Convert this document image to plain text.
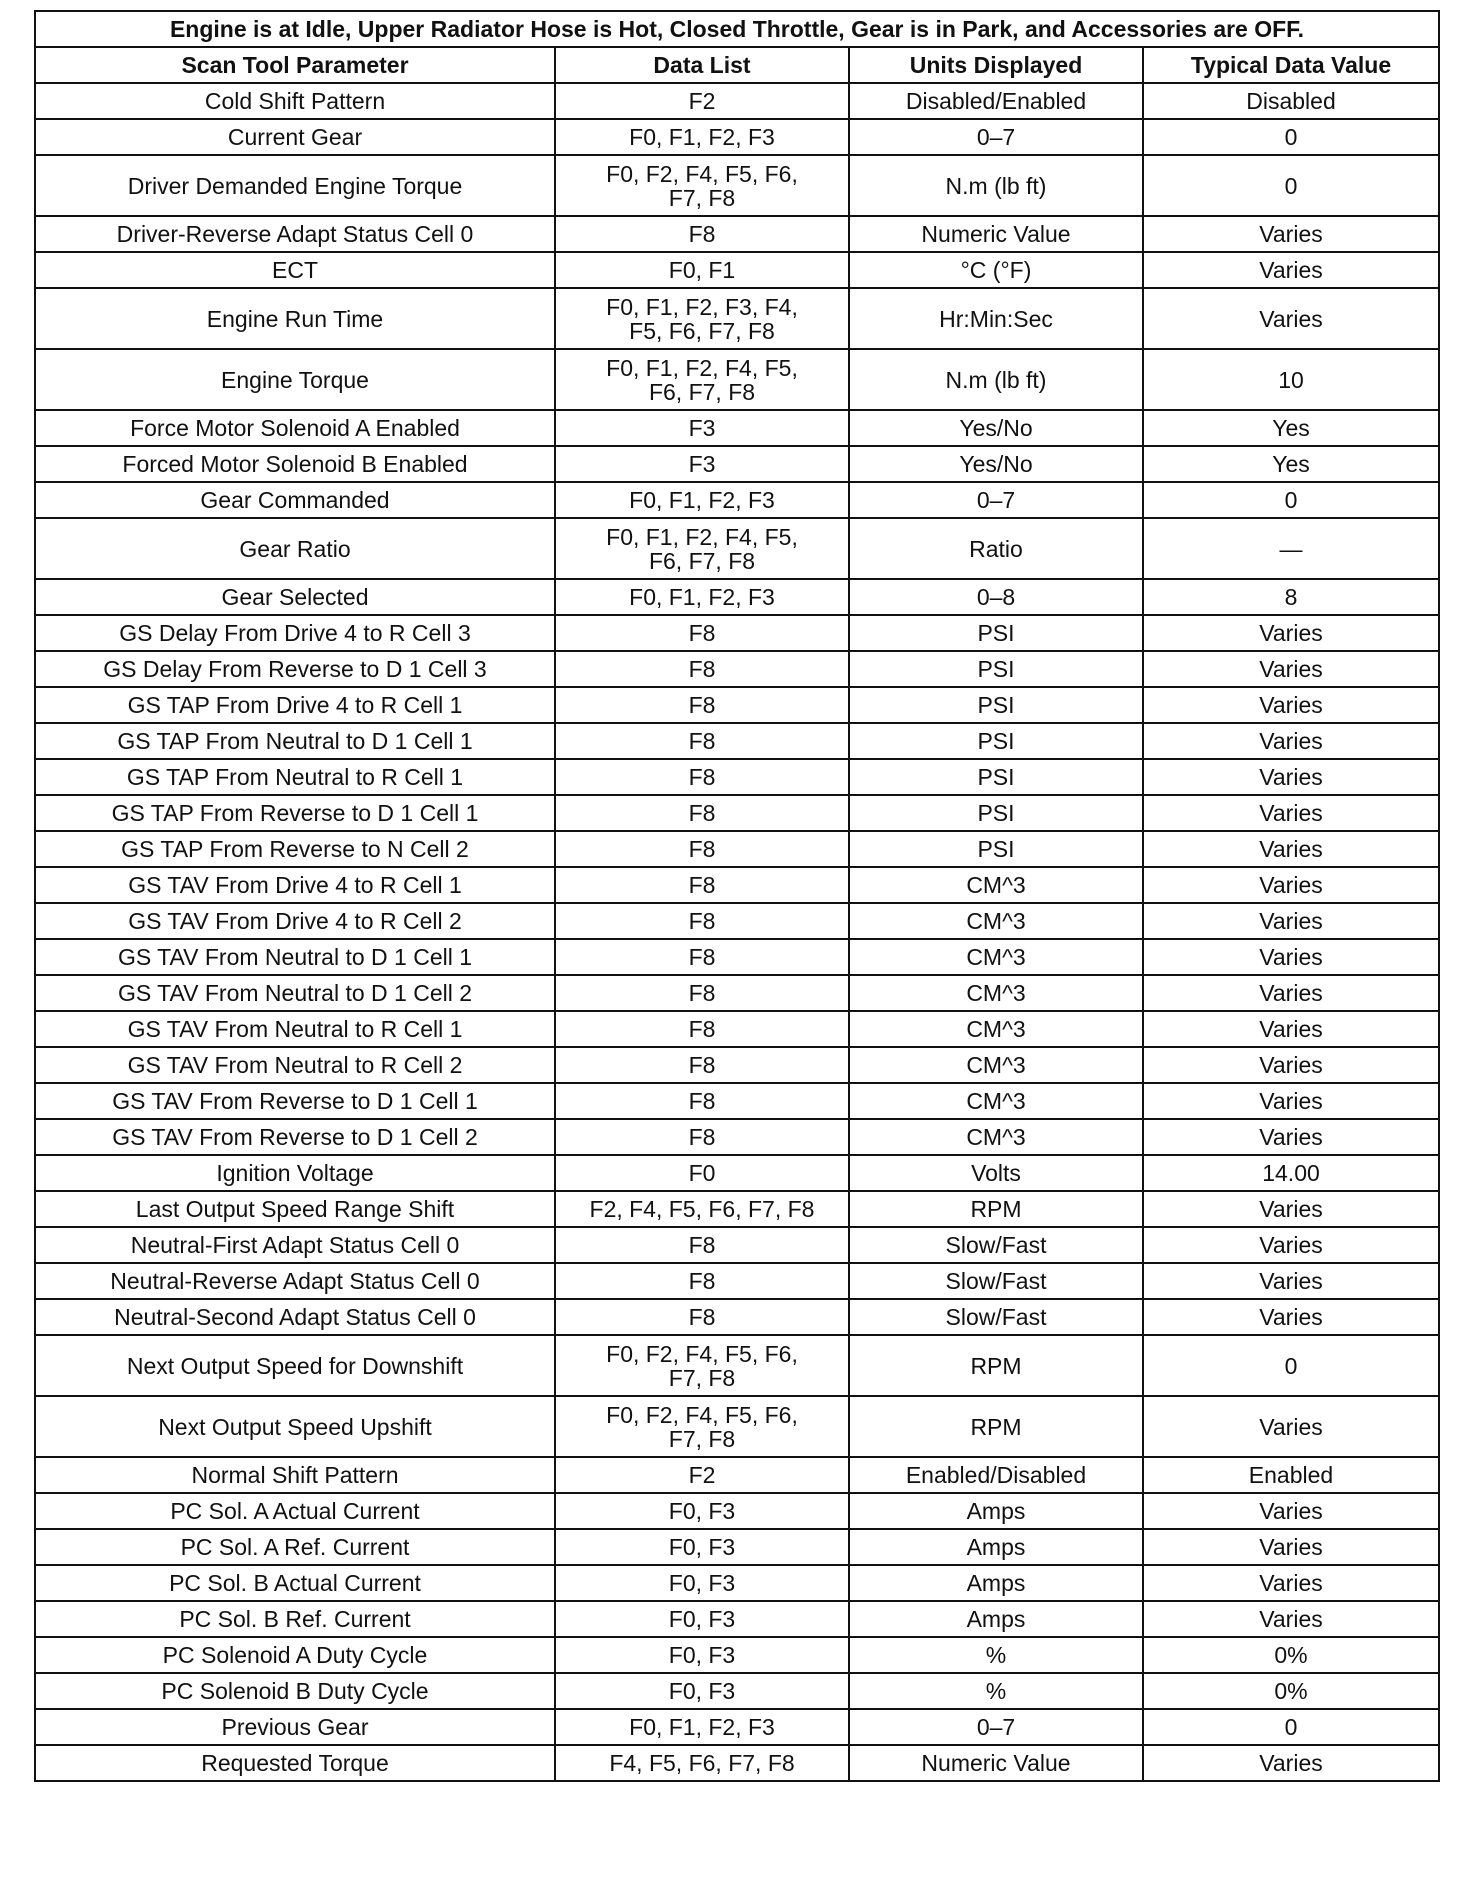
Engine is at Idle, Upper Radiator Hose is Hot, Closed Throttle, Gear is in Park, and Accessories are OFF.			
Scan Tool Parameter	Data List	Units Displayed	Typical Data Value
Cold Shift Pattern	F2	Disabled/Enabled	Disabled
Current Gear	F0, F1, F2, F3	0–7	0
Driver Demanded Engine Torque	F0, F2, F4, F5, F6, F7, F8	N.m (lb ft)	0
Driver-Reverse Adapt Status Cell 0	F8	Numeric Value	Varies
ECT	F0, F1	°C (°F)	Varies
Engine Run Time	F0, F1, F2, F3, F4, F5, F6, F7, F8	Hr:Min:Sec	Varies
Engine Torque	F0, F1, F2, F4, F5, F6, F7, F8	N.m (lb ft)	10
Force Motor Solenoid A Enabled	F3	Yes/No	Yes
Forced Motor Solenoid B Enabled	F3	Yes/No	Yes
Gear Commanded	F0, F1, F2, F3	0–7	0
Gear Ratio	F0, F1, F2, F4, F5, F6, F7, F8	Ratio	—
Gear Selected	F0, F1, F2, F3	0–8	8
GS Delay From Drive 4 to R Cell 3	F8	PSI	Varies
GS Delay From Reverse to D 1 Cell 3	F8	PSI	Varies
GS TAP From Drive 4 to R Cell 1	F8	PSI	Varies
GS TAP From Neutral to D 1 Cell 1	F8	PSI	Varies
GS TAP From Neutral to R Cell 1	F8	PSI	Varies
GS TAP From Reverse to D 1 Cell 1	F8	PSI	Varies
GS TAP From Reverse to N Cell 2	F8	PSI	Varies
GS TAV From Drive 4 to R Cell 1	F8	CM^3	Varies
GS TAV From Drive 4 to R Cell 2	F8	CM^3	Varies
GS TAV From Neutral to D 1 Cell 1	F8	CM^3	Varies
GS TAV From Neutral to D 1 Cell 2	F8	CM^3	Varies
GS TAV From Neutral to R Cell 1	F8	CM^3	Varies
GS TAV From Neutral to R Cell 2	F8	CM^3	Varies
GS TAV From Reverse to D 1 Cell 1	F8	CM^3	Varies
GS TAV From Reverse to D 1 Cell 2	F8	CM^3	Varies
Ignition Voltage	F0	Volts	14.00
Last Output Speed Range Shift	F2, F4, F5, F6, F7, F8	RPM	Varies
Neutral-First Adapt Status Cell 0	F8	Slow/Fast	Varies
Neutral-Reverse Adapt Status Cell 0	F8	Slow/Fast	Varies
Neutral-Second Adapt Status Cell 0	F8	Slow/Fast	Varies
Next Output Speed for Downshift	F0, F2, F4, F5, F6, F7, F8	RPM	0
Next Output Speed Upshift	F0, F2, F4, F5, F6, F7, F8	RPM	Varies
Normal Shift Pattern	F2	Enabled/Disabled	Enabled
PC Sol. A Actual Current	F0, F3	Amps	Varies
PC Sol. A Ref. Current	F0, F3	Amps	Varies
PC Sol. B Actual Current	F0, F3	Amps	Varies
PC Sol. B Ref. Current	F0, F3	Amps	Varies
PC Solenoid A Duty Cycle	F0, F3	%	0%
PC Solenoid B Duty Cycle	F0, F3	%	0%
Previous Gear	F0, F1, F2, F3	0–7	0
Requested Torque	F4, F5, F6, F7, F8	Numeric Value	Varies
